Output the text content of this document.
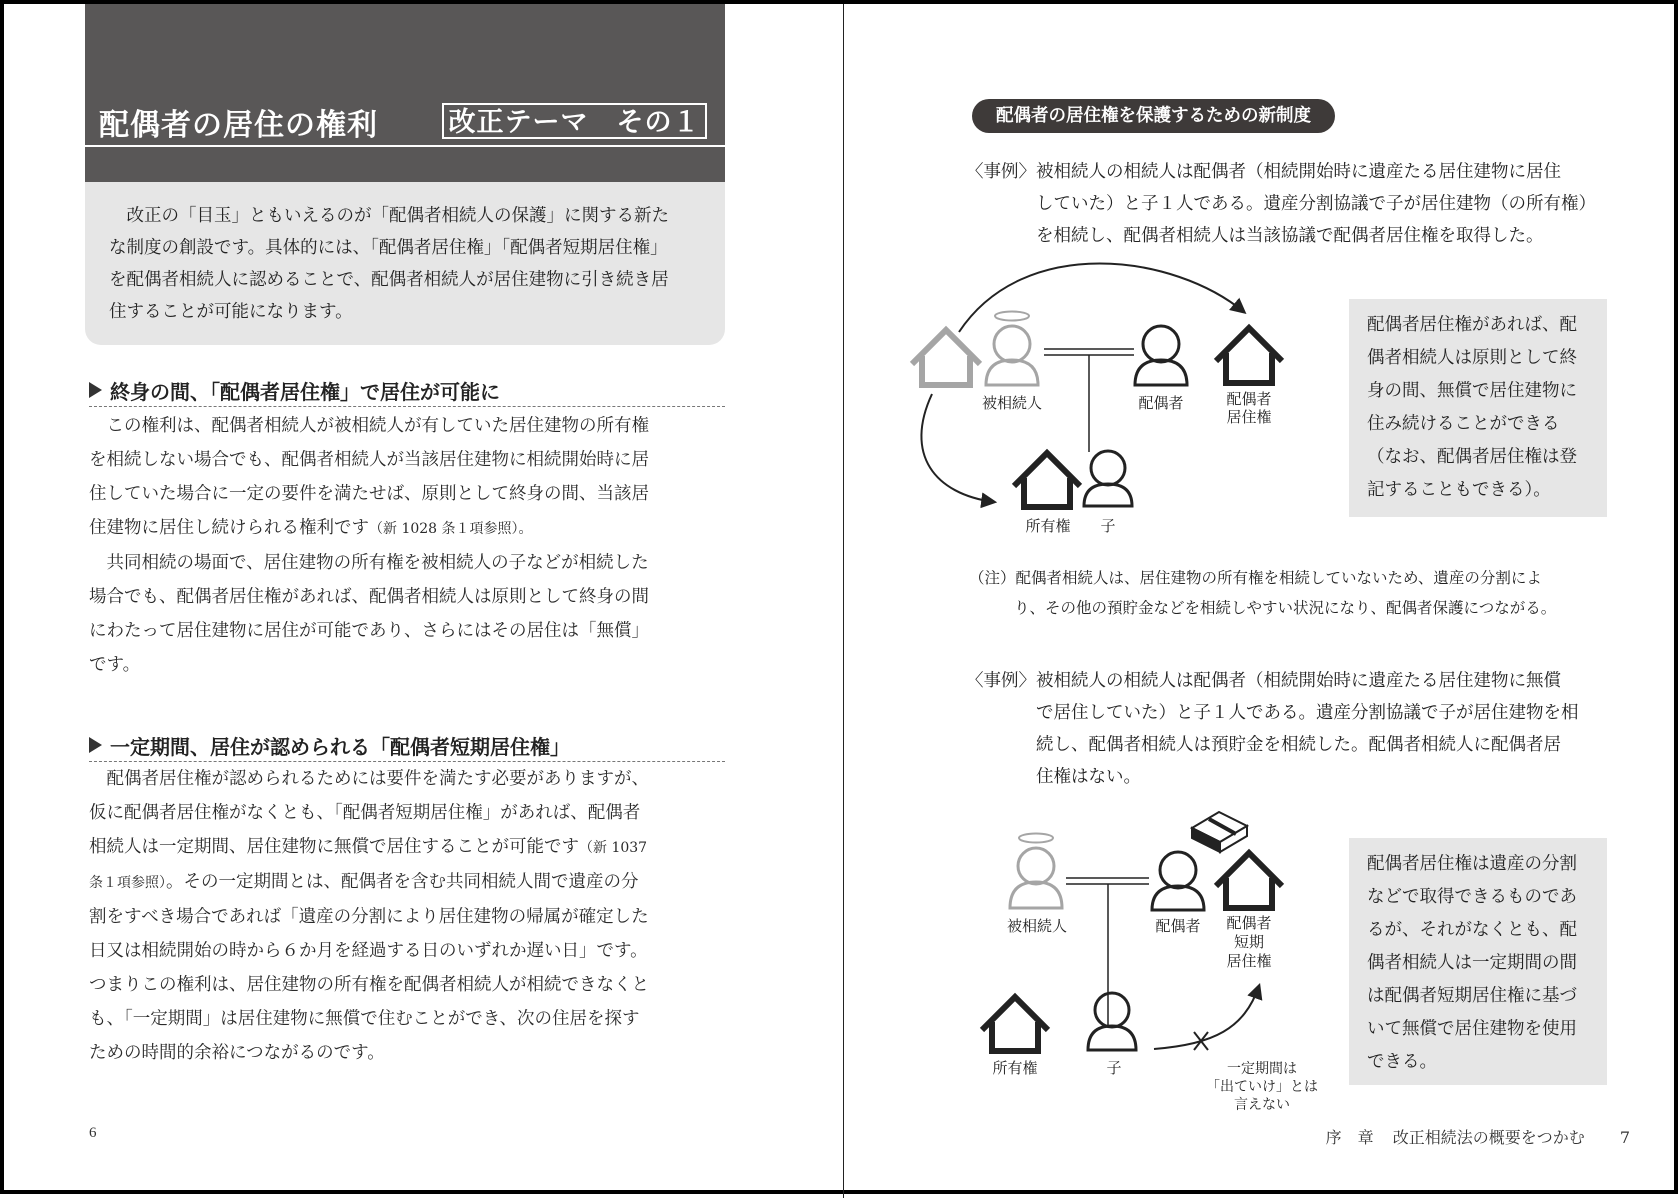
配偶者の居住の権利	改正テーマ　その１

改正の「目玉」ともいえるのが「配偶者相続人の保護」に関する新た

な制度の創設です。具体的には、「配偶者居住権」「配偶者短期居住権」

を配偶者相続人に認めることで、配偶者相続人が居住建物に引き続き居

住することが可能になります。

終身の間、「配偶者居住権」で居住が可能に

この権利は、配偶者相続人が被相続人が有していた居住建物の所有権

を相続しない場合でも、配偶者相続人が当該居住建物に相続開始時に居

住していた場合に一定の要件を満たせば、原則として終身の間、当該居

住建物に居住し続けられる権利です（新 1028 条１項参照）。

共同相続の場面で、居住建物の所有権を被相続人の子などが相続した

場合でも、配偶者居住権があれば、配偶者相続人は原則として終身の間

にわたって居住建物に居住が可能であり、さらにはその居住は「無償」

です。

一定期間、居住が認められる「配偶者短期居住権」

配偶者居住権が認められるためには要件を満たす必要がありますが、

仮に配偶者居住権がなくとも、「配偶者短期居住権」があれば、配偶者

相続人は一定期間、居住建物に無償で居住することが可能です（新 1037

条１項参照）。その一定期間とは、配偶者を含む共同相続人間で遺産の分

割をすべき場合であれば「遺産の分割により居住建物の帰属が確定した

日又は相続開始の時から６か月を経過する日のいずれか遅い日」です。

つまりこの権利は、居住建物の所有権を配偶者相続人が相続できなくと

も、「一定期間」は居住建物に無償で住むことができ、次の住居を探す

ための時間的余裕につながるのです。

6
配偶者の居住権を保護するための新制度
〈事例〉 被相続人の相続人は配偶者（相続開始時に遺産たる居住建物に居住
していた）と子１人である。遺産分割協議で子が居住建物（の所有権）
を相続し、配偶者相続人は当該協議で配偶者居住権を取得した。
被相続人	配偶者	配偶者
居住権
所有権 子
配偶者居住権があれば、配
偶者相続人は原則として終
身の間、無償で居住建物に
住み続けることができる
（なお、配偶者居住権は登
記することもできる）。
（注）配偶者相続人は、居住建物の所有権を相続していないため、遺産の分割によ
り、その他の預貯金などを相続しやすい状況になり、配偶者保護につながる。
〈事例〉 被相続人の相続人は配偶者（相続開始時に遺産たる居住建物に無償
で居住していた）と子１人である。遺産分割協議で子が居住建物を相
続し、配偶者相続人は預貯金を相続した。配偶者相続人に配偶者居
住権はない。
被相続人	配偶者 配偶者
短期
居住権
所有権	子	一定期間は
「出ていけ」とは
言えない
配偶者居住権は遺産の分割
などで取得できるものであ
るが、それがなくとも、配
偶者相続人は一定期間の間
は配偶者短期居住権に基づ
いて無償で居住建物を使用
できる。
序　章 改正相続法の概要をつかむ 7
